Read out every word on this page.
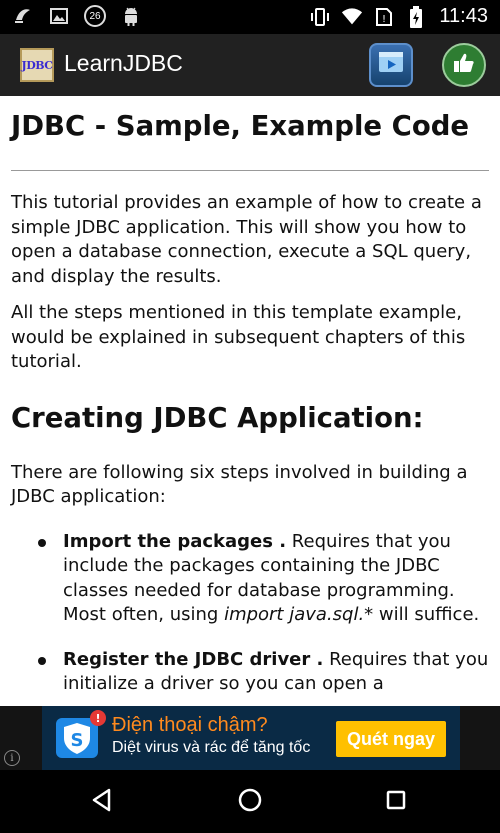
26	!	11:43
JDBC LearnJDBC
JDBC - Sample, Example Code

This tutorial provides an example of how to create a simple JDBC application. This will show you how to open a database connection, execute a SQL query, and display the results.

All the steps mentioned in this template example, would be explained in subsequent chapters of this tutorial.

Creating JDBC Application:

There are following six steps involved in building a JDBC application:

Import the packages . Requires that you include the packages containing the JDBC classes needed for database programming. Most often, using import java.sql.* will suffice.
Register the JDBC driver . Requires that you initialize a driver so you can open a
i
S
! Điện thoại chậm?
Diệt virus và rác để tăng tốc	Quét ngay
